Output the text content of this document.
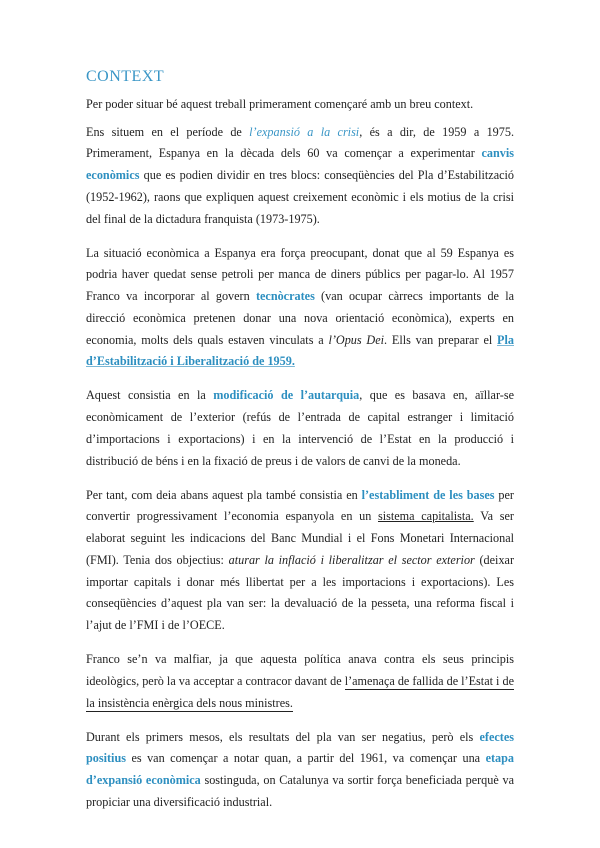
CONTEXT

Per poder situar bé aquest treball primerament començaré amb un breu context.

Ens situem en el període de l’expansió a la crisi, és a dir, de 1959 a 1975. Primerament, Espanya en la dècada dels 60 va començar a experimentar canvis econòmics que es podien dividir en tres blocs: conseqüències del Pla d’Estabilització (1952-1962), raons que expliquen aquest creixement econòmic i els motius de la crisi del final de la dictadura franquista (1973-1975).

La situació econòmica a Espanya era força preocupant, donat que al 59 Espanya es podria haver quedat sense petroli per manca de diners públics per pagar-lo. Al 1957 Franco va incorporar al govern tecnòcrates (van ocupar càrrecs importants de la direcció econòmica pretenen donar una nova orientació econòmica), experts en economia, molts dels quals estaven vinculats a l’Opus Dei. Ells van preparar el Pla d’Estabilització i Liberalització de 1959.

Aquest consistia en la modificació de l’autarquia, que es basava en, aïllar-se econòmicament de l’exterior (refús de l’entrada de capital estranger i limitació d’importacions i exportacions) i en la intervenció de l’Estat en la producció i distribució de béns i en la fixació de preus i de valors de canvi de la moneda.

Per tant, com deia abans aquest pla també consistia en l’establiment de les bases per convertir progressivament l’economia espanyola en un sistema capitalista. Va ser elaborat seguint les indicacions del Banc Mundial i el Fons Monetari Internacional (FMI). Tenia dos objectius: aturar la inflació i liberalitzar el sector exterior (deixar importar capitals i donar més llibertat per a les importacions i exportacions). Les conseqüències d’aquest pla van ser: la devaluació de la pesseta, una reforma fiscal i l’ajut de l’FMI i de l’OECE.

Franco se’n va malfiar, ja que aquesta política anava contra els seus principis ideològics, però la va acceptar a contracor davant de l’amenaça de fallida de l’Estat i de la insistència enèrgica dels nous ministres.

Durant els primers mesos, els resultats del pla van ser negatius, però els efectes positius es van començar a notar quan, a partir del 1961, va començar una etapa d’expansió econòmica sostinguda, on Catalunya va sortir força beneficiada perquè va propiciar una diversificació industrial.
